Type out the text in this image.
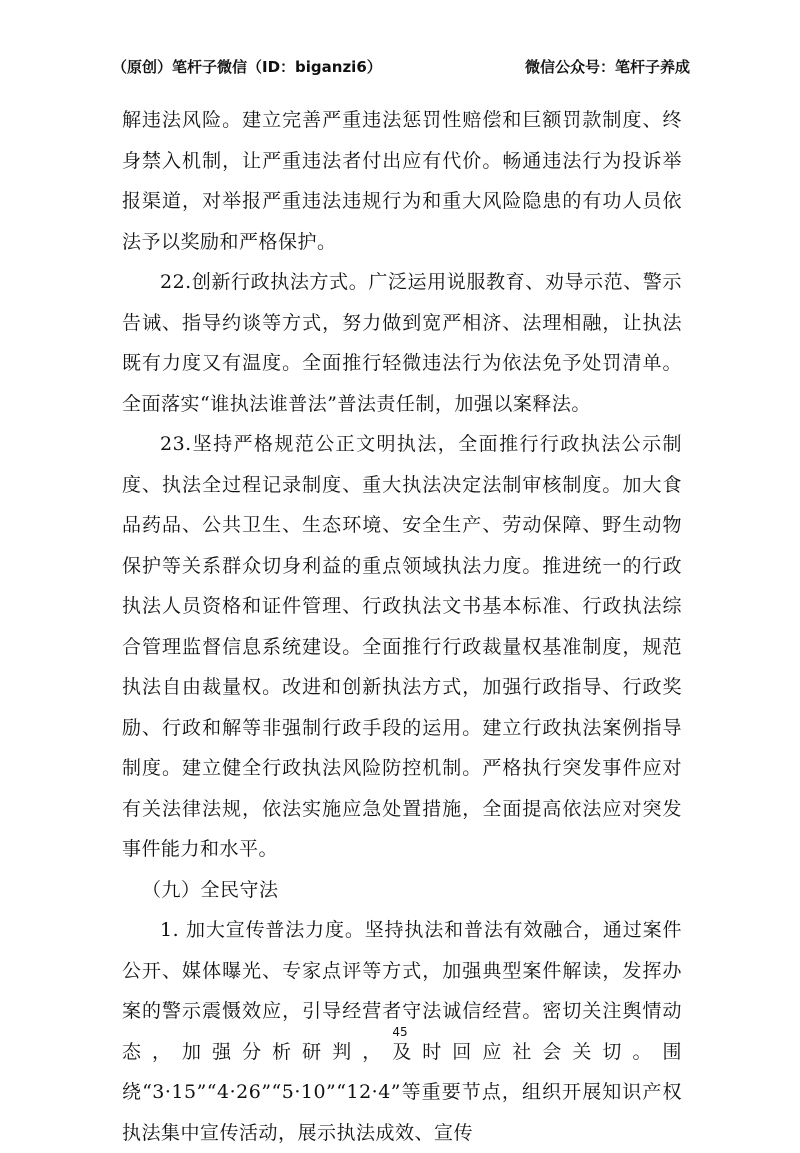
（原创）笔杆子微信（ID：biganzi6）	微信公众号：笔杆子养成

解违法风险。建立完善严重违法惩罚性赔偿和巨额罚款制度、终身禁入机制，让严重违法者付出应有代价。畅通违法行为投诉举报渠道，对举报严重违法违规行为和重大风险隐患的有功人员依法予以奖励和严格保护。

22.创新行政执法方式。广泛运用说服教育、劝导示范、警示告诫、指导约谈等方式，努力做到宽严相济、法理相融，让执法既有力度又有温度。全面推行轻微违法行为依法免予处罚清单。全面落实“谁执法谁普法”普法责任制，加强以案释法。

23.坚持严格规范公正文明执法，全面推行行政执法公示制度、执法全过程记录制度、重大执法决定法制审核制度。加大食品药品、公共卫生、生态环境、安全生产、劳动保障、野生动物保护等关系群众切身利益的重点领域执法力度。推进统一的行政执法人员资格和证件管理、行政执法文书基本标准、行政执法综合管理监督信息系统建设。全面推行行政裁量权基准制度，规范执法自由裁量权。改进和创新执法方式，加强行政指导、行政奖励、行政和解等非强制行政手段的运用。建立行政执法案例指导制度。建立健全行政执法风险防控机制。严格执行突发事件应对有关法律法规，依法实施应急处置措施，全面提高依法应对突发事件能力和水平。

（九）全民守法

1. 加大宣传普法力度。坚持执法和普法有效融合，通过案件公开、媒体曝光、专家点评等方式，加强典型案件解读，发挥办案的警示震慑效应，引导经营者守法诚信经营。密切关注舆情动态，加强分析研判，及时回应社会关切。围绕“3·15”“4·26”“5·10”“12·4”等重要节点，组织开展知识产权执法集中宣传活动，展示执法成效、宣传

45
